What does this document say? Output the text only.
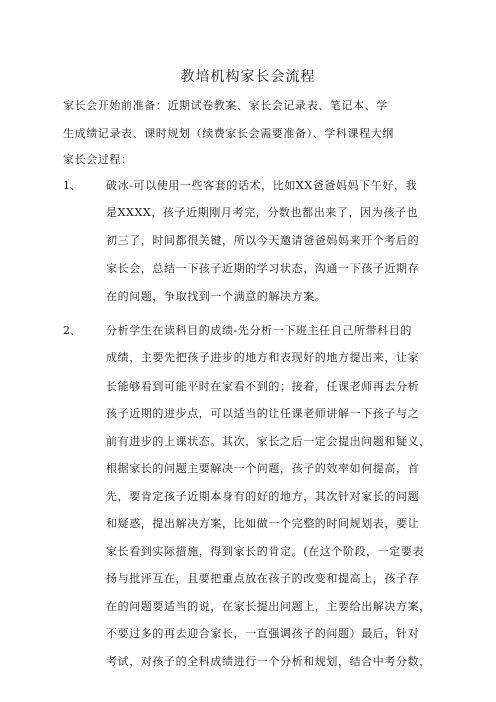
教培机构家长会流程
家长会开始前准备：近期试卷教案、家长会记录表、笔记本、学
生成绩记录表、课时规划（续费家长会需要准备）、学科课程大纲
家长会过程：
1、 破冰-可以使用一些客套的话术，比如XX爸爸妈妈下午好，我
是XXXX，孩子近期刚月考完，分数也都出来了，因为孩子也
初三了，时间都很关键，所以今天邀请爸爸妈妈来开个考后的
家长会，总结一下孩子近期的学习状态，沟通一下孩子近期存
在的问题，争取找到一个满意的解决方案。
2、 分析学生在读科目的成绩-先分析一下班主任自己所带科目的
成绩，主要先把孩子进步的地方和表现好的地方提出来，让家
长能够看到可能平时在家看不到的；接着，任课老师再去分析
孩子近期的进步点，可以适当的让任课老师讲解一下孩子与之
前有进步的上课状态。其次，家长之后一定会提出问题和疑义，
根据家长的问题主要解决一个问题，孩子的效率如何提高，首
先，要肯定孩子近期本身有的好的地方，其次针对家长的问题
和疑惑，提出解决方案，比如做一个完整的时间规划表，要让
家长看到实际措施，得到家长的肯定。(在这个阶段，一定要表
扬与批评互在，且要把重点放在孩子的改变和提高上，孩子存
在的问题要适当的说，在家长提出问题上，主要给出解决方案，
不要过多的再去迎合家长，一直强调孩子的问题）最后，针对
考试，对孩子的全科成绩进行一个分析和规划，结合中考分数，
